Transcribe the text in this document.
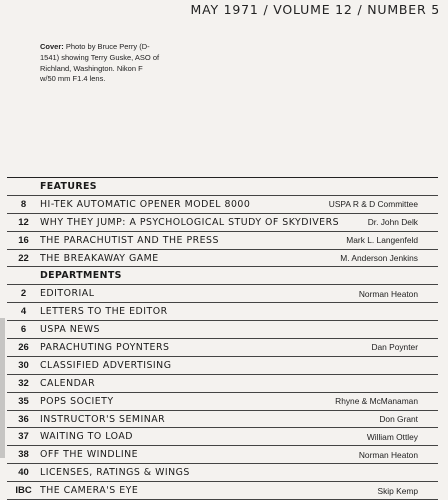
MAY 1971 / VOLUME 12 / NUMBER 5
Cover: Photo by Bruce Perry (D-1541) showing Terry Guske, ASO of Richland, Washington. Nikon F w/50 mm F1.4 lens.
FEATURES
8	HI-TEK AUTOMATIC OPENER MODEL 8000	USPA R & D Committee
12	WHY THEY JUMP: A PSYCHOLOGICAL STUDY OF SKYDIVERS	Dr. John Delk
16	THE PARACHUTIST AND THE PRESS	Mark L. Langenfeld
22	THE BREAKAWAY GAME	M. Anderson Jenkins
DEPARTMENTS
2	EDITORIAL	Norman Heaton
4	LETTERS TO THE EDITOR
6	USPA NEWS
26	PARACHUTING POYNTERS	Dan Poynter
30	CLASSIFIED ADVERTISING
32	CALENDAR
35	POPS SOCIETY	Rhyne & McManaman
36	INSTRUCTOR'S SEMINAR	Don Grant
37	WAITING TO LOAD	William Ottley
38	OFF THE WINDLINE	Norman Heaton
40	LICENSES, RATINGS & WINGS
IBC THE CAMERA'S EYE	Skip Kemp
